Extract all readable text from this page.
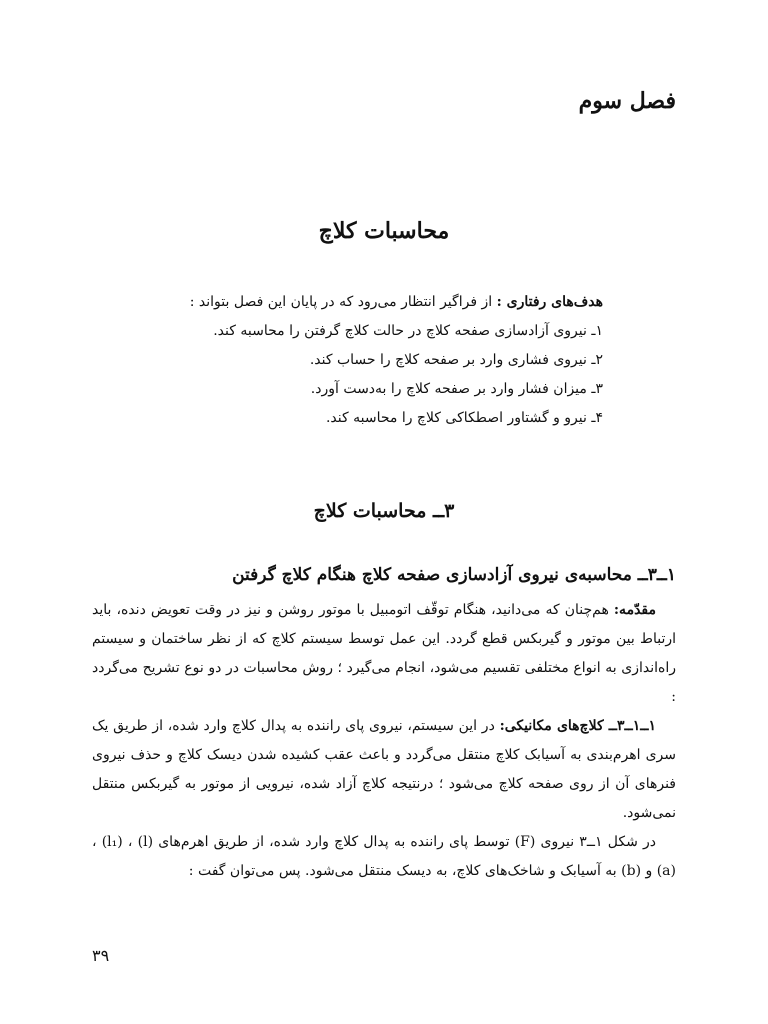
فصل سوم
محاسبات کلاچ
هدف‌های رفتاری : از فراگیر انتظار می‌رود که در پایان این فصل بتواند :
۱ـ نیروی آزادسازی صفحه کلاچ در حالت کلاچ گرفتن را محاسبه کند.
۲ـ نیروی فشاری وارد بر صفحه کلاچ را حساب کند.
۳ـ میزان فشار وارد بر صفحه کلاچ را به‌دست آورد.
۴ـ نیرو و گشتاور اصطکاکی کلاچ را محاسبه کند.
۳ــ محاسبات کلاچ
۱ــ۳ــ محاسبه‌ی نیروی آزادسازی صفحه کلاچ هنگام کلاچ گرفتن

مقدّمه: هم‌چنان که می‌دانید، هنگام توقّف اتومبیل با موتور روشن و نیز در وقت تعویض دنده، باید ارتباط بین موتور و گیربکس قطع گردد. این عمل توسط سیستم کلاچ که از نظر ساختمان و سیستم راه‌اندازی به انواع مختلفی تقسیم می‌شود، انجام می‌گیرد ؛ روش محاسبات در دو نوع تشریح می‌گردد :

۱ــ۱ــ۳ــ کلاچ‌های مکانیکی: در این سیستم، نیروی پای راننده به پدال کلاچ وارد شده، از طریق یک سری اهرم‌بندی به آسیابک کلاچ منتقل می‌گردد و باعث عقب کشیده شدن دیسک کلاچ و حذف نیروی فنرهای آن از روی صفحه کلاچ می‌شود ؛ درنتیجه کلاچ آزاد شده، نیرویی از موتور به گیربکس منتقل نمی‌شود.

در شکل ۱ــ۳ نیروی (F) توسط پای راننده به پدال کلاچ وارد شده، از طریق اهرم‌های (l) ، (l₁) ، (a) و (b) به آسیابک و شاخک‌های کلاچ، به دیسک منتقل می‌شود. پس می‌توان گفت :

۳۹
